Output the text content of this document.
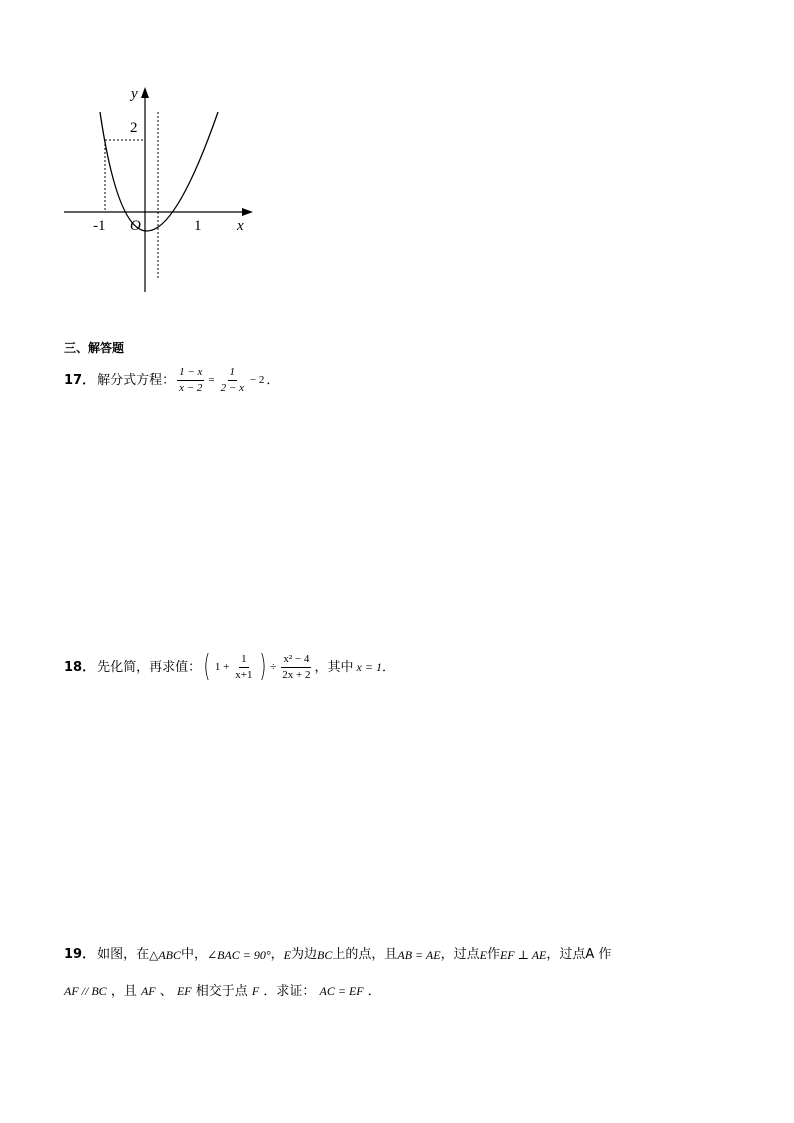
y
x
O
2
-1	1
三、解答题
17． 解分式方程： $\frac{1 - x}{x - 2} = \frac{1}{2 - x} - 2$ ．
18． 先化简，再求值： ( $1 + \frac{1}{x+1}$ ) ÷ $\frac{\text{x² − 4}}{2x + 2}$ ，其中 x = 1 ．
19． 如图，在 △ABC 中， ∠BAC = 90° ， E 为边 BC 上的点，且 AB = AE ，过点 E 作 EF ⊥ AE ，过点A 作
AF // BC ，且 AF 、 EF 相交于点 F ．求证： AC = EF ．
